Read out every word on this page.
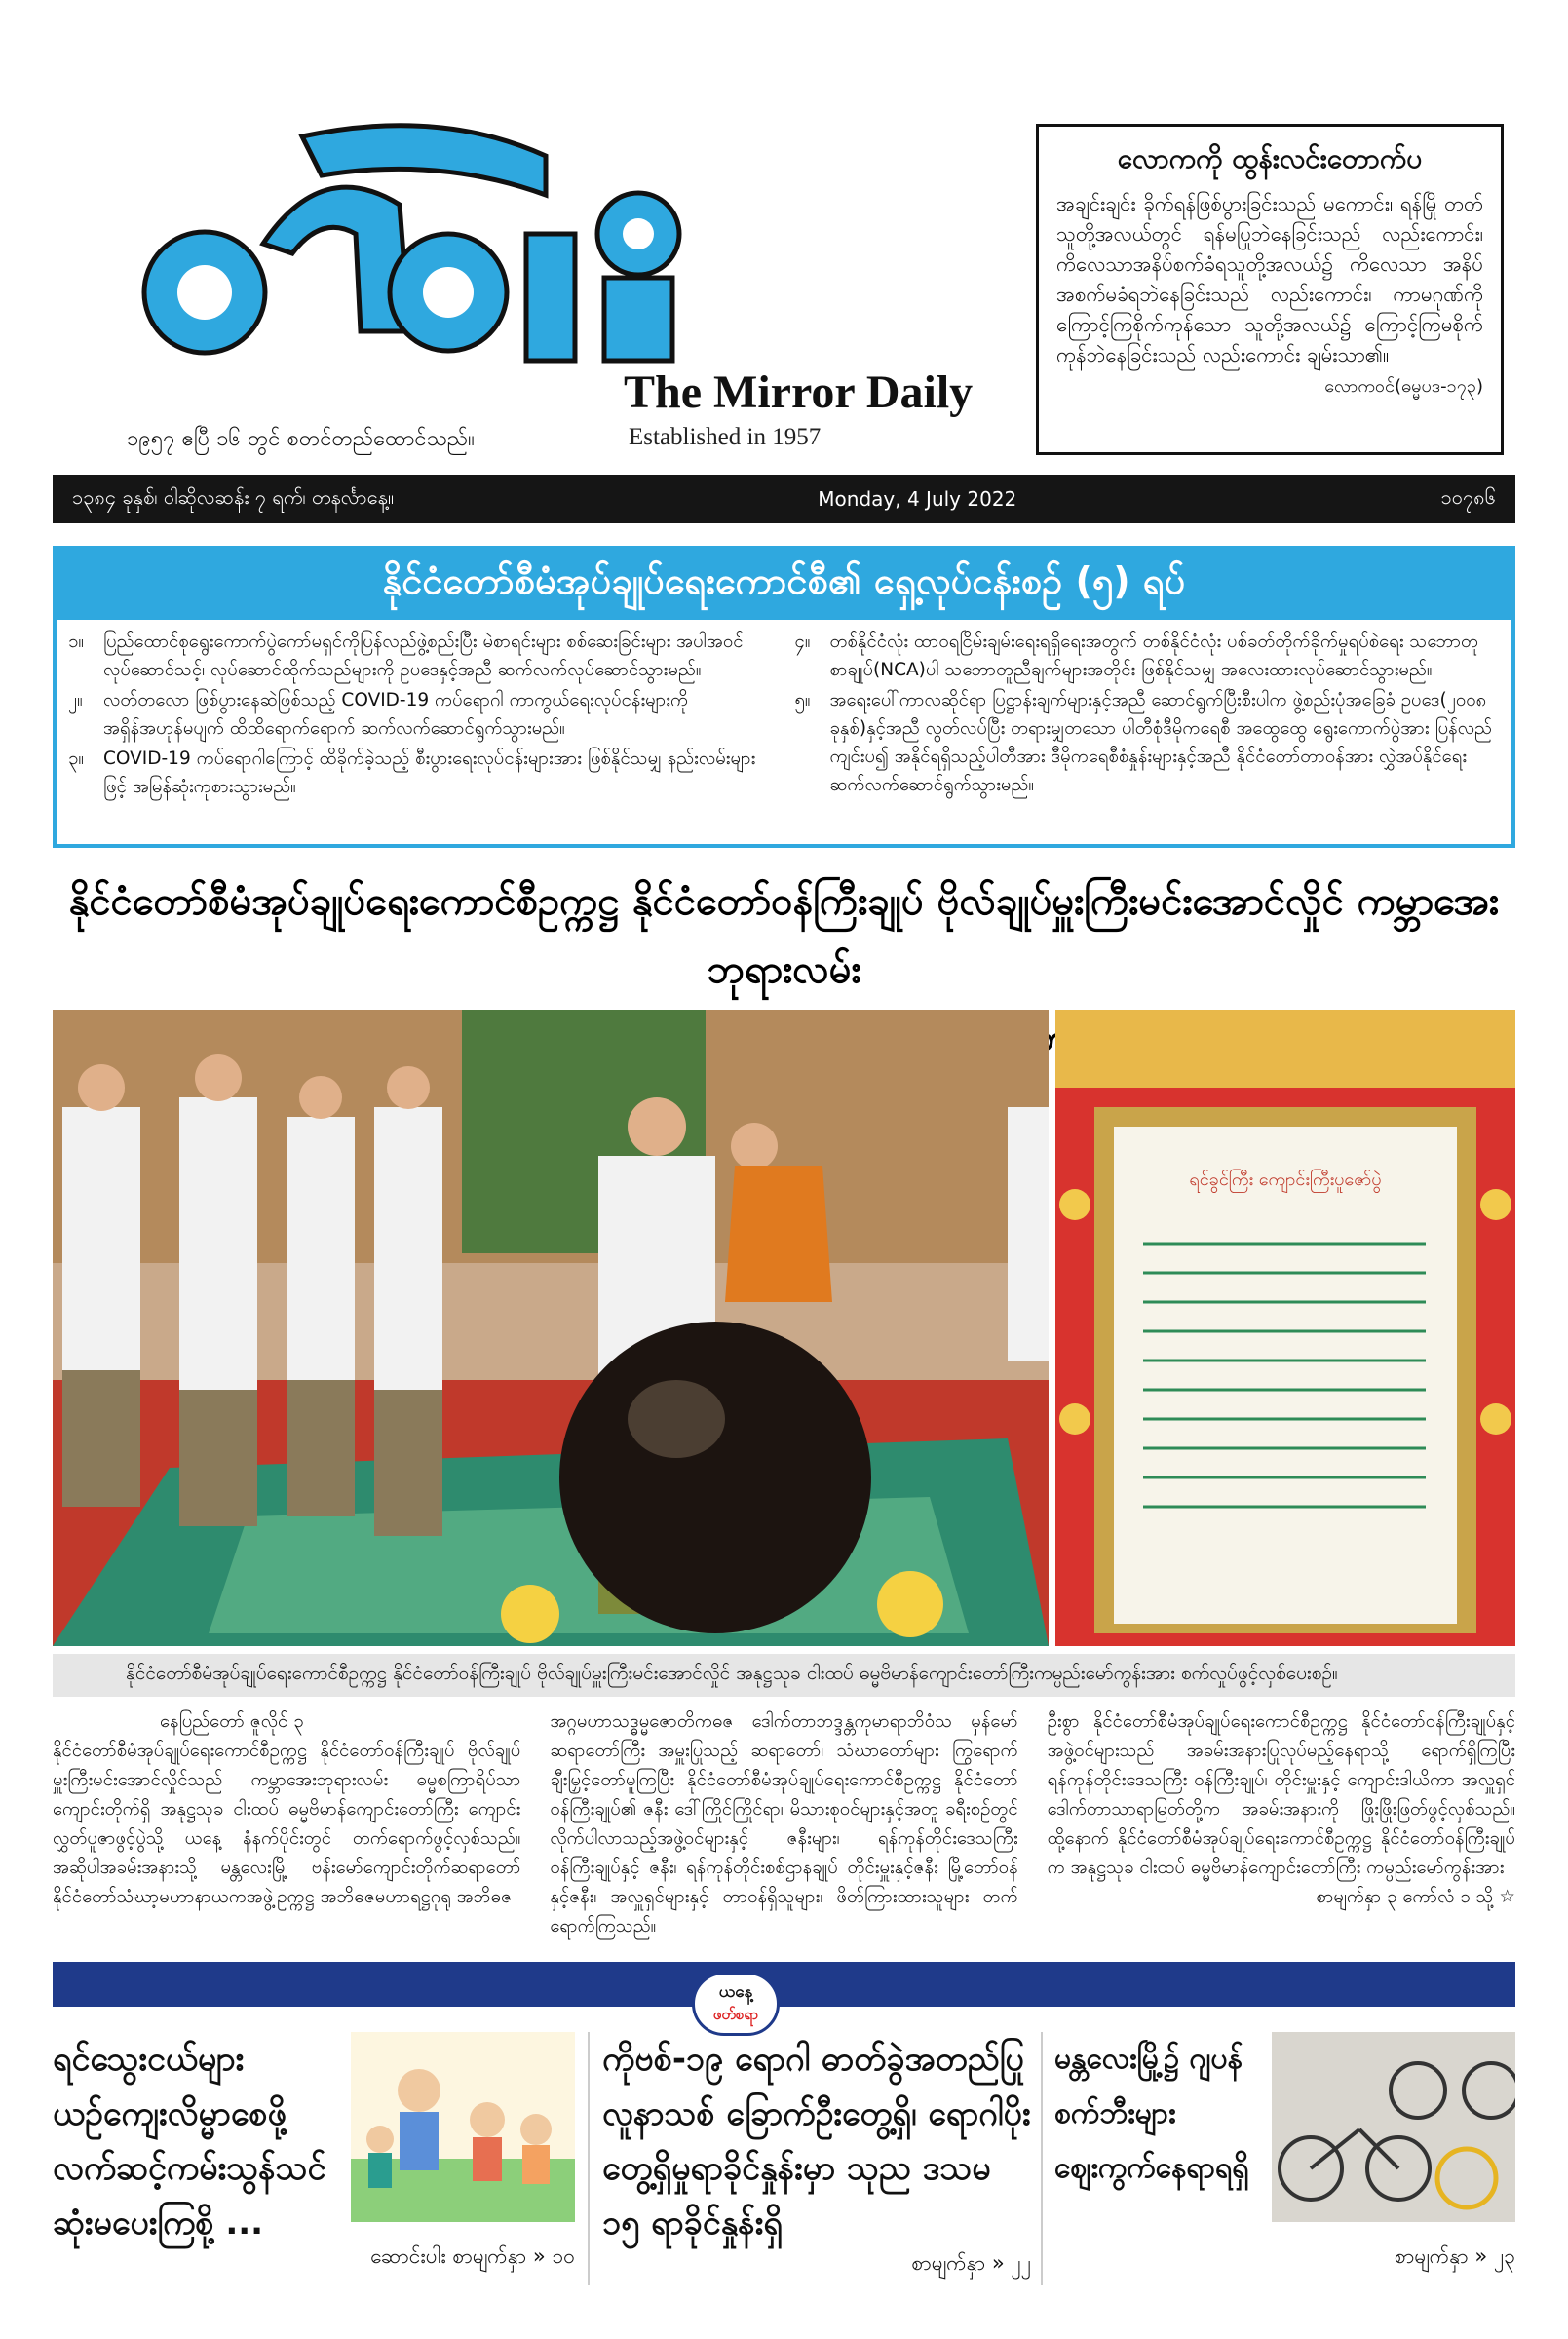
ကြေးမုံ
၁၉၅၇ ဧပြီ ၁၆ တွင် စတင်တည်ထောင်သည်။
The Mirror Daily
Established in 1957
လောကကို ထွန်းလင်းတောက်ပ
အချင်းချင်း ခိုက်ရန်ဖြစ်ပွားခြင်းသည် မကောင်း၊ ရန်မြို တတ်သူတို့အလယ်တွင် ရန်မပြုဘဲနေခြင်းသည် လည်းကောင်း၊ ကိလေသာအနိပ်စက်ခံရသူတို့အလယ်၌ ကိလေသာ အနိပ်အစက်မခံရဘဲနေခြင်းသည် လည်းကောင်း၊ ကာမဂုဏ်ကို ကြောင့်ကြစိုက်ကုန်သော သူတို့အလယ်၌ ကြောင့်ကြမစိုက်ကုန်ဘဲနေခြင်းသည် လည်းကောင်း ချမ်းသာ၏။
လောကဝင်(ဓမ္မပဒ-၁၇၃)
၁၃၈၄ ခုနှစ်၊ ဝါဆိုလဆန်း ၇ ရက်၊ တနင်္လာနေ့။	Monday, 4 July 2022	၁၀၇၈၆
နိုင်ငံတော်စီမံအုပ်ချုပ်ရေးကောင်စီ၏ ရှေ့လုပ်ငန်းစဉ် (၅) ရပ်
၁။	ပြည်ထောင်စုရွေးကောက်ပွဲကော်မရှင်ကိုပြန်လည်ဖွဲ့စည်းပြီး မဲစာရင်းများ စစ်ဆေးခြင်းများ အပါအဝင် လုပ်ဆောင်သင့်၊ လုပ်ဆောင်ထိုက်သည်များကို ဥပဒေနှင့်အညီ ဆက်လက်လုပ်ဆောင်သွားမည်။
၂။	လတ်တလော ဖြစ်ပွားနေဆဲဖြစ်သည့် COVID-19 ကပ်ရောဂါ ကာကွယ်ရေးလုပ်ငန်းများကို အရှိန်အဟုန်မပျက် ထိထိရောက်ရောက် ဆက်လက်ဆောင်ရွက်သွားမည်။
၃။	COVID-19 ကပ်ရောဂါကြောင့် ထိခိုက်ခဲ့သည့် စီးပွားရေးလုပ်ငန်းများအား ဖြစ်နိုင်သမျှ နည်းလမ်းများဖြင့် အမြန်ဆုံးကုစားသွားမည်။
၄။	တစ်နိုင်ငံလုံး ထာဝရငြိမ်းချမ်းရေးရရှိရေးအတွက် တစ်နိုင်ငံလုံး ပစ်ခတ်တိုက်ခိုက်မှုရပ်စဲရေး သဘောတူစာချုပ်(NCA)ပါ သဘောတူညီချက်များအတိုင်း ဖြစ်နိုင်သမျှ အလေးထားလုပ်ဆောင်သွားမည်။
၅။	အရေးပေါ်ကာလဆိုင်ရာ ပြဋ္ဌာန်းချက်များနှင့်အညီ ဆောင်ရွက်ပြီးစီးပါက ဖွဲ့စည်းပုံအခြေခံ ဥပဒေ(၂၀၀၈ ခုနှစ်)နှင့်အညီ လွတ်လပ်ပြီး တရားမျှတသော ပါတီစုံဒီမိုကရေစီ အထွေထွေ ရွေးကောက်ပွဲအား ပြန်လည်ကျင်းပ၍ အနိုင်ရရှိသည့်ပါတီအား ဒီမိုကရေစီစံနှုန်းများနှင့်အညီ နိုင်ငံတော်တာဝန်အား လွှဲအပ်နိုင်ရေး ဆက်လက်ဆောင်ရွက်သွားမည်။
နိုင်ငံတော်စီမံအုပ်ချုပ်ရေးကောင်စီဥက္ကဋ္ဌ နိုင်ငံတော်ဝန်ကြီးချုပ် ဗိုလ်ချုပ်မှူးကြီးမင်းအောင်လှိုင် ကမ္ဘာအေးဘုရားလမ်း
ရင်ခွင်ကြီး ကျောင်းကြီးပူဇော်ပွဲ
နိုင်ငံတော်စီမံအုပ်ချုပ်ရေးကောင်စီဥက္ကဋ္ဌ နိုင်ငံတော်ဝန်ကြီးချုပ် ဗိုလ်ချုပ်မှူးကြီးမင်းအောင်လှိုင် အနုဋ္ဌသုခ ငါးထပ် ဓမ္မဗိမာန်ကျောင်းတော်ကြီးကမ္ပည်းမော်ကွန်းအား စက်လှုပ်ဖွင့်လှစ်ပေးစဉ်။
နေပြည်တော် ဇူလိုင် ၃
နိုင်ငံတော်စီမံအုပ်ချုပ်ရေးကောင်စီဥက္ကဋ္ဌ နိုင်ငံတော်ဝန်ကြီးချုပ် ဗိုလ်ချုပ်မှူးကြီးမင်းအောင်လှိုင်သည် ကမ္ဘာအေးဘုရားလမ်း ဓမ္မစကြာရိပ်သာကျောင်းတိုက်ရှိ အနုဋ္ဌသုခ ငါးထပ် ဓမ္မဗိမာန်ကျောင်းတော်ကြီး ကျောင်းလွှတ်ပူဇာဖွင့်ပွဲသို့ ယနေ့ နံနက်ပိုင်းတွင် တက်ရောက်ဖွင့်လှစ်သည်။ အဆိုပါအခမ်းအနားသို့ မန္တလေးမြို့ ဗန်းမော်ကျောင်းတိုက်ဆရာတော် နိုင်ငံတော်သံဃာ့မဟာနာယကအဖွဲ့ဥက္ကဋ္ဌ အဘိဓဇမဟာရဋ္ဌဂုရု အဘိဓဇ
အဂ္ဂမဟာသဒ္ဓမ္မဇောတိကဓဇ ဒေါက်တာဘဒ္ဒန္တကုမာရာဘိဝံသ မှန်မော်ဆရာတော်ကြီး အမှူးပြုသည့် ဆရာတော်၊ သံဃာတော်များ ကြွရောက်ချီးမြှင့်တော်မူကြပြီး နိုင်ငံတော်စီမံအုပ်ချုပ်ရေးကောင်စီဥက္ကဋ္ဌ နိုင်ငံတော်ဝန်ကြီးချုပ်၏ ဇနီး ဒေါ်ကြိုင်ကြိုင်ရာ၊ မိသားစုဝင်များနှင့်အတူ ခရီးစဉ်တွင် လိုက်ပါလာသည့်အဖွဲ့ဝင်များနှင့် ဇနီးများ၊ ရန်ကုန်တိုင်းဒေသကြီး ဝန်ကြီးချုပ်နှင့် ဇနီး၊ ရန်ကုန်တိုင်းစစ်ဌာနချုပ် တိုင်းမှူးနှင့်ဇနီး မြို့တော်ဝန်နှင့်ဇနီး၊ အလှူရှင်များနှင့် တာဝန်ရှိသူများ၊ ဖိတ်ကြားထားသူများ တက်ရောက်ကြသည်။
ဦးစွာ နိုင်ငံတော်စီမံအုပ်ချုပ်ရေးကောင်စီဥက္ကဋ္ဌ နိုင်ငံတော်ဝန်ကြီးချုပ်နှင့် အဖွဲ့ဝင်များသည် အခမ်းအနားပြုလုပ်မည့်နေရာသို့ ရောက်ရှိကြပြီး ရန်ကုန်တိုင်းဒေသကြီး ဝန်ကြီးချုပ်၊ တိုင်းမှူးနှင့် ကျောင်းဒါယိကာ အလှူရှင် ဒေါက်တာသာရာမြတ်တို့က အခမ်းအနားကို ဖြိုးဖြိုးဖြတ်ဖွင့်လှစ်သည်။ ထို့နောက် နိုင်ငံတော်စီမံအုပ်ချုပ်ရေးကောင်စီဥက္ကဋ္ဌ နိုင်ငံတော်ဝန်ကြီးချုပ်က အနုဋ္ဌသုခ ငါးထပ် ဓမ္မဗိမာန်ကျောင်းတော်ကြီး ကမ္ပည်းမော်ကွန်းအား
စာမျက်နှာ ၃ ကော်လံ ၁ သို့ ☆
ယနေ့
ဖတ်စရာ
ရင်သွေးငယ်များ ယဉ်ကျေးလိမ္မာစေဖို့ လက်ဆင့်ကမ်းသွန်သင်ဆုံးမပေးကြစို့ ...
ဆောင်းပါး စာမျက်နှာ » ၁၀
ကိုဗစ်-၁၉ ရောဂါ ဓာတ်ခွဲအတည်ပြုလူနာသစ် ခြောက်ဦးတွေ့ရှိ၊ ရောဂါပိုးတွေ့ရှိမှုရာခိုင်နှုန်းမှာ သုည ဒသမ ၁၅ ရာခိုင်နှုန်းရှိ
စာမျက်နှာ » ၂၂
မန္တလေးမြို့၌ ဂျပန်စက်ဘီးများ ဈေးကွက်နေရာရရှိ
စာမျက်နှာ » ၂၃
